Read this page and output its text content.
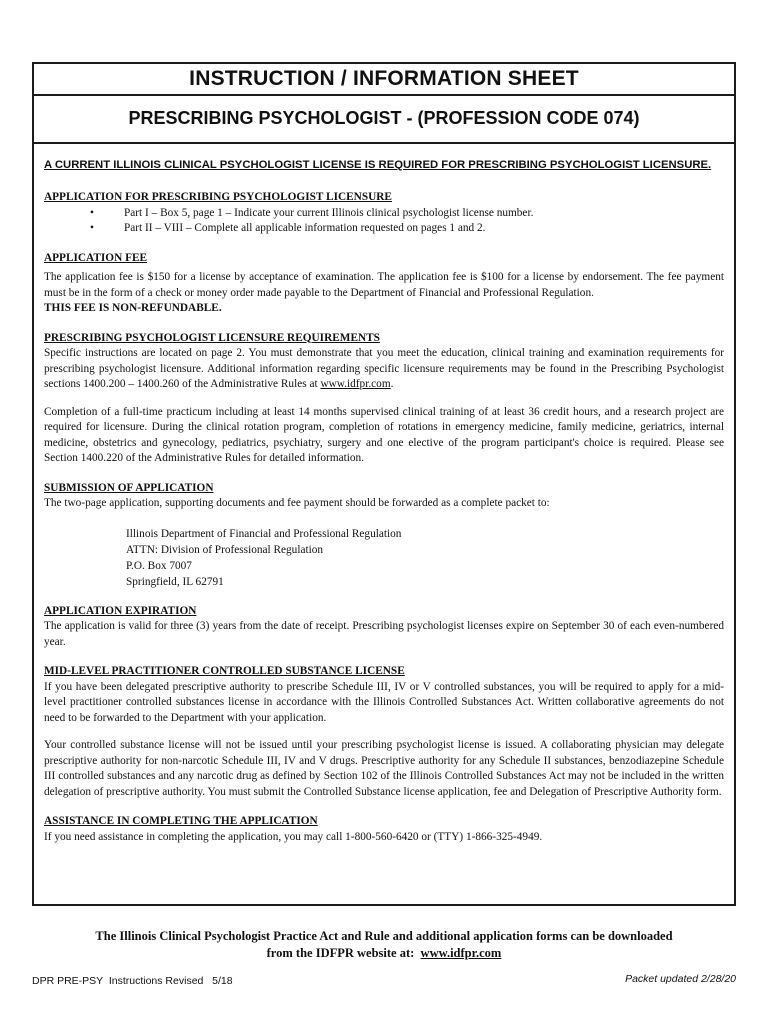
INSTRUCTION / INFORMATION SHEET
PRESCRIBING PSYCHOLOGIST - (PROFESSION CODE 074)

A CURRENT ILLINOIS CLINICAL PSYCHOLOGIST LICENSE IS REQUIRED FOR PRESCRIBING PSYCHOLOGIST LICENSURE.

APPLICATION FOR PRESCRIBING PSYCHOLOGIST LICENSURE

•	Part I – Box 5, page 1 – Indicate your current Illinois clinical psychologist license number.
•	Part II – VIII – Complete all applicable information requested on pages 1 and 2.

APPLICATION FEE

The application fee is $150 for a license by acceptance of examination. The application fee is $100 for a license by endorsement. The fee payment must be in the form of a check or money order made payable to the Department of Financial and Professional Regulation.
THIS FEE IS NON-REFUNDABLE.

PRESCRIBING PSYCHOLOGIST LICENSURE REQUIREMENTS

Specific instructions are located on page 2. You must demonstrate that you meet the education, clinical training and examination requirements for prescribing psychologist licensure. Additional information regarding specific licensure requirements may be found in the Prescribing Psychologist sections 1400.200 – 1400.260 of the Administrative Rules at www.idfpr.com.

Completion of a full-time practicum including at least 14 months supervised clinical training of at least 36 credit hours, and a research project are required for licensure. During the clinical rotation program, completion of rotations in emergency medicine, family medicine, geriatrics, internal medicine, obstetrics and gynecology, pediatrics, psychiatry, surgery and one elective of the program participant's choice is required. Please see Section 1400.220 of the Administrative Rules for detailed information.

SUBMISSION OF APPLICATION

The two-page application, supporting documents and fee payment should be forwarded as a complete packet to:

Illinois Department of Financial and Professional Regulation
ATTN: Division of Professional Regulation
P.O. Box 7007
Springfield, IL 62791

APPLICATION EXPIRATION

The application is valid for three (3) years from the date of receipt. Prescribing psychologist licenses expire on September 30 of each even-numbered year.

MID-LEVEL PRACTITIONER CONTROLLED SUBSTANCE LICENSE

If you have been delegated prescriptive authority to prescribe Schedule III, IV or V controlled substances, you will be required to apply for a mid-level practitioner controlled substances license in accordance with the Illinois Controlled Substances Act. Written collaborative agreements do not need to be forwarded to the Department with your application.

Your controlled substance license will not be issued until your prescribing psychologist license is issued. A collaborating physician may delegate prescriptive authority for non-narcotic Schedule III, IV and V drugs. Prescriptive authority for any Schedule II substances, benzodiazepine Schedule III controlled substances and any narcotic drug as defined by Section 102 of the Illinois Controlled Substances Act may not be included in the written delegation of prescriptive authority. You must submit the Controlled Substance license application, fee and Delegation of Prescriptive Authority form.

ASSISTANCE IN COMPLETING THE APPLICATION

If you need assistance in completing the application, you may call 1-800-560-6420 or (TTY) 1-866-325-4949.

The Illinois Clinical Psychologist Practice Act and Rule and additional application forms can be downloaded
from the IDFPR website at:  www.idfpr.com
DPR PRE-PSY  Instructions Revised   5/18	Packet updated 2/28/20
